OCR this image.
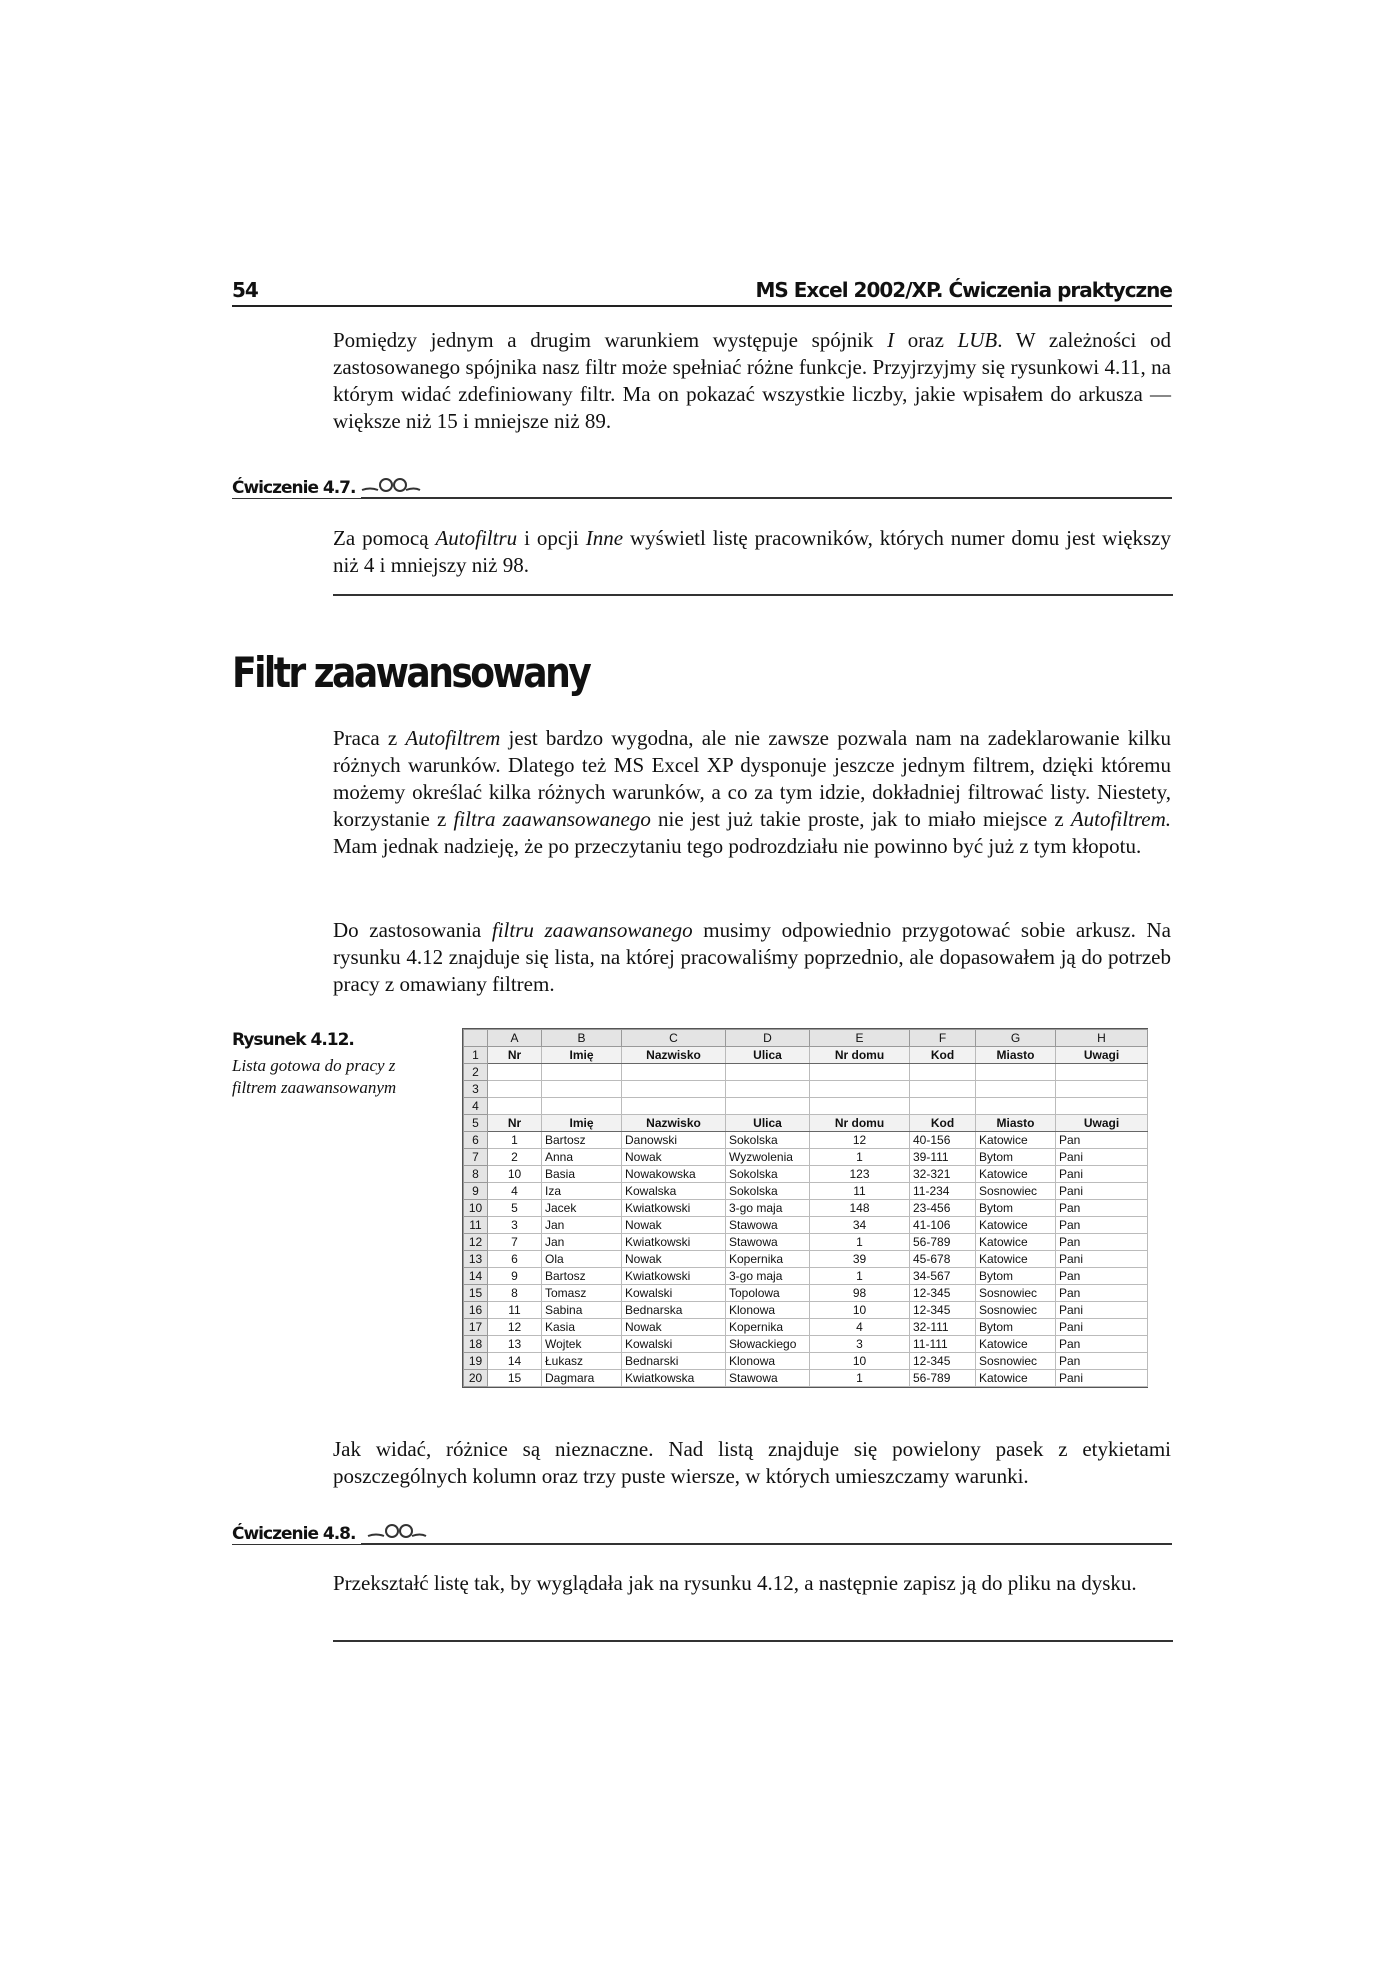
54	MS Excel 2002/XP. Ćwiczenia praktyczne
Pomiędzy jednym a drugim warunkiem występuje spójnik I oraz LUB. W zależności od zastosowanego spójnika nasz filtr może spełniać różne funkcje. Przyjrzyjmy się rysunkowi 4.11, na którym widać zdefiniowany filtr. Ma on pokazać wszystkie liczby, jakie wpisałem do arkusza — większe niż 15 i mniejsze niż 89.
Ćwiczenie 4.7.
Za pomocą Autofiltru i opcji Inne wyświetl listę pracowników, których numer domu jest większy niż 4 i mniejszy niż 98.
Filtr zaawansowany
Praca z Autofiltrem jest bardzo wygodna, ale nie zawsze pozwala nam na zadeklarowanie kilku różnych warunków. Dlatego też MS Excel XP dysponuje jeszcze jednym filtrem, dzięki któremu możemy określać kilka różnych warunków, a co za tym idzie, dokładniej filtrować listy. Niestety, korzystanie z filtra zaawansowanego nie jest już takie proste, jak to miało miejsce z Autofiltrem. Mam jednak nadzieję, że po przeczytaniu tego podrozdziału nie powinno być już z tym kłopotu.
Do zastosowania filtru zaawansowanego musimy odpowiednio przygotować sobie arkusz. Na rysunku 4.12 znajduje się lista, na której pracowaliśmy poprzednio, ale dopasowałem ją do potrzeb pracy z omawiany filtrem.
Rysunek 4.12.
Lista gotowa do pracy z filtrem zaawansowanym
	A	B	C	D	E	F	G	H
1	Nr	Imię	Nazwisko	Ulica	Nr domu	Kod	Miasto	Uwagi
2								
3								
4								
5	Nr	Imię	Nazwisko	Ulica	Nr domu	Kod	Miasto	Uwagi
6	1	Bartosz	Danowski	Sokolska	12	40-156	Katowice	Pan
7	2	Anna	Nowak	Wyzwolenia	1	39-111	Bytom	Pani
8	10	Basia	Nowakowska	Sokolska	123	32-321	Katowice	Pani
9	4	Iza	Kowalska	Sokolska	11	11-234	Sosnowiec	Pani
10	5	Jacek	Kwiatkowski	3-go maja	148	23-456	Bytom	Pan
11	3	Jan	Nowak	Stawowa	34	41-106	Katowice	Pan
12	7	Jan	Kwiatkowski	Stawowa	1	56-789	Katowice	Pan
13	6	Ola	Nowak	Kopernika	39	45-678	Katowice	Pani
14	9	Bartosz	Kwiatkowski	3-go maja	1	34-567	Bytom	Pan
15	8	Tomasz	Kowalski	Topolowa	98	12-345	Sosnowiec	Pan
16	11	Sabina	Bednarska	Klonowa	10	12-345	Sosnowiec	Pani
17	12	Kasia	Nowak	Kopernika	4	32-111	Bytom	Pani
18	13	Wojtek	Kowalski	Słowackiego	3	11-111	Katowice	Pan
19	14	Łukasz	Bednarski	Klonowa	10	12-345	Sosnowiec	Pan
20	15	Dagmara	Kwiatkowska	Stawowa	1	56-789	Katowice	Pani
Jak widać, różnice są nieznaczne. Nad listą znajduje się powielony pasek z etykietami poszczególnych kolumn oraz trzy puste wiersze, w których umieszczamy warunki.
Ćwiczenie 4.8.
Przekształć listę tak, by wyglądała jak na rysunku 4.12, a następnie zapisz ją do pliku na dysku.
